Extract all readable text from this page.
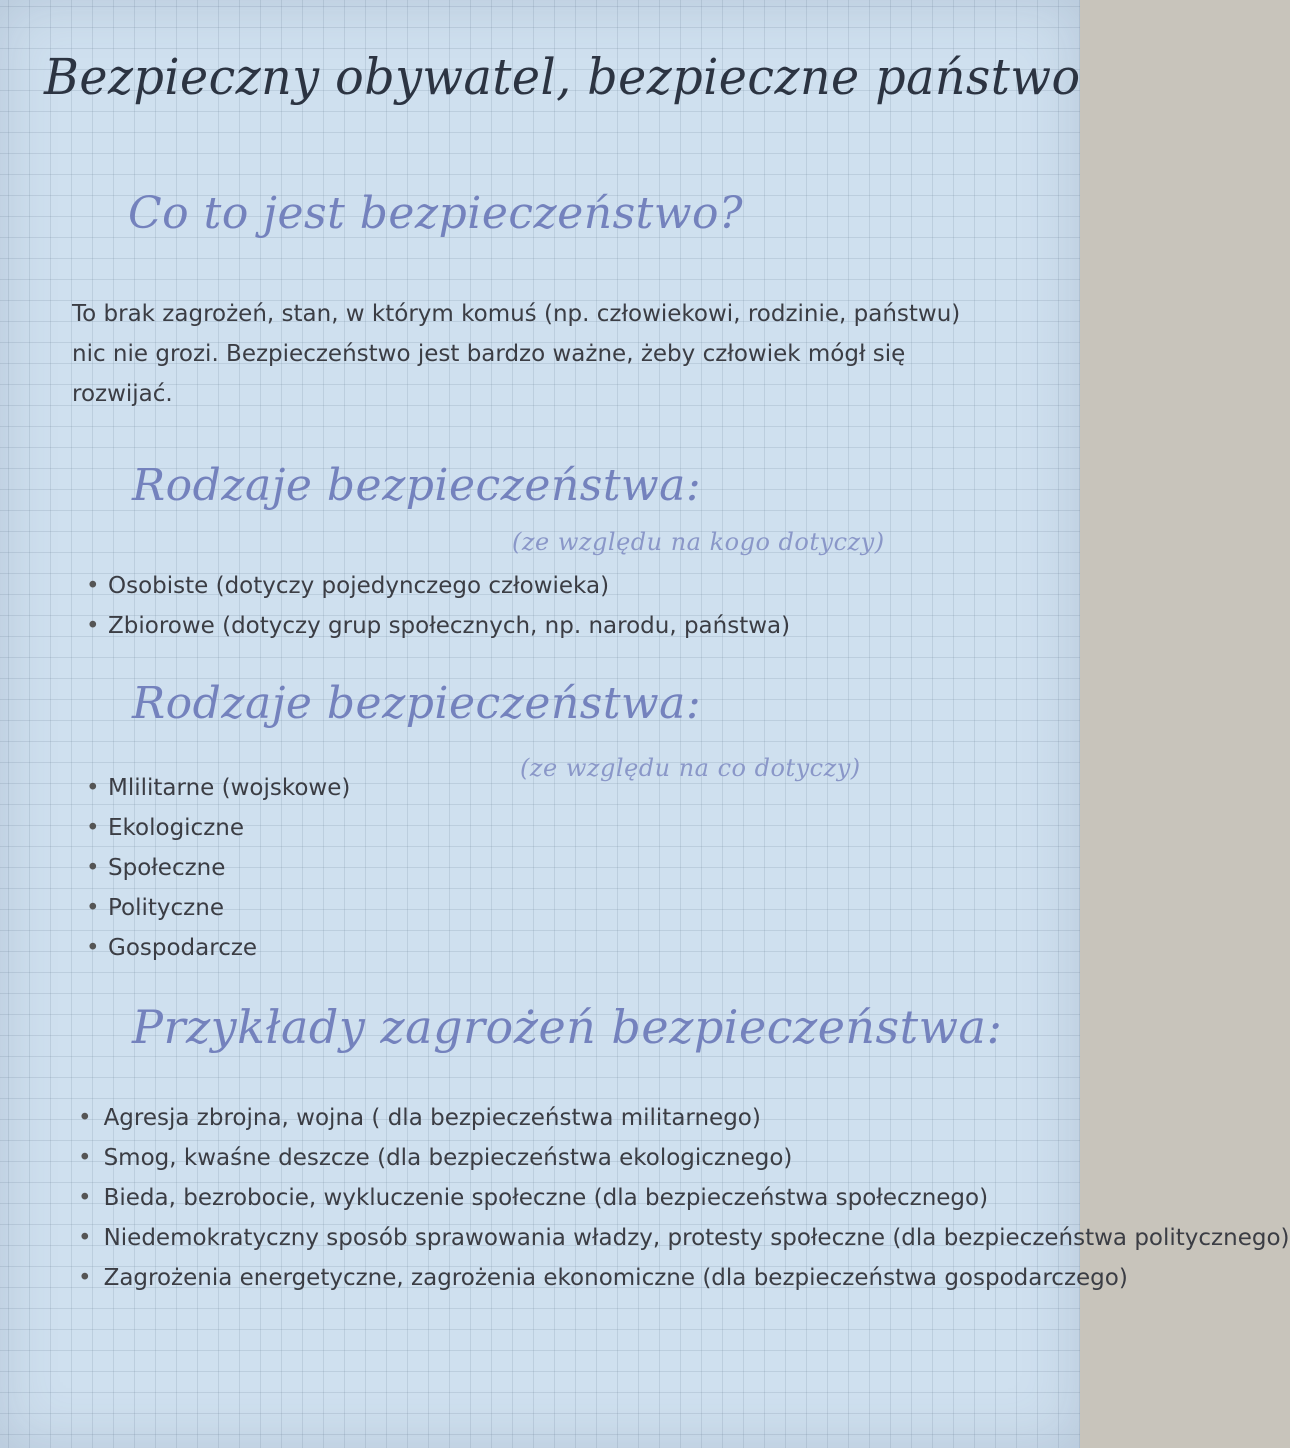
Bezpieczny obywatel, bezpieczne państwo
Co to jest bezpieczeństwo?

To brak zagrożeń, stan, w którym komuś (np. człowiekowi, rodzinie, państwu) nic nie grozi. Bezpieczeństwo jest bardzo ważne, żeby człowiek mógł się rozwijać.

Rodzaje bezpieczeństwa:
(ze względu na kogo dotyczy)
• Osobiste (dotyczy pojedynczego człowieka)
• Zbiorowe (dotyczy grup społecznych, np. narodu, państwa)
Rodzaje bezpieczeństwa:
(ze względu na co dotyczy)
• Mlilitarne (wojskowe)
• Ekologiczne
• Społeczne
• Polityczne
• Gospodarcze
Przykłady zagrożeń bezpieczeństwa:
• Agresja zbrojna, wojna ( dla bezpieczeństwa militarnego)
• Smog, kwaśne deszcze (dla bezpieczeństwa ekologicznego)
• Bieda, bezrobocie, wykluczenie społeczne (dla bezpieczeństwa społecznego)
• Niedemokratyczny sposób sprawowania władzy, protesty społeczne (dla bezpieczeństwa politycznego)
• Zagrożenia energetyczne, zagrożenia ekonomiczne (dla bezpieczeństwa gospodarczego)
